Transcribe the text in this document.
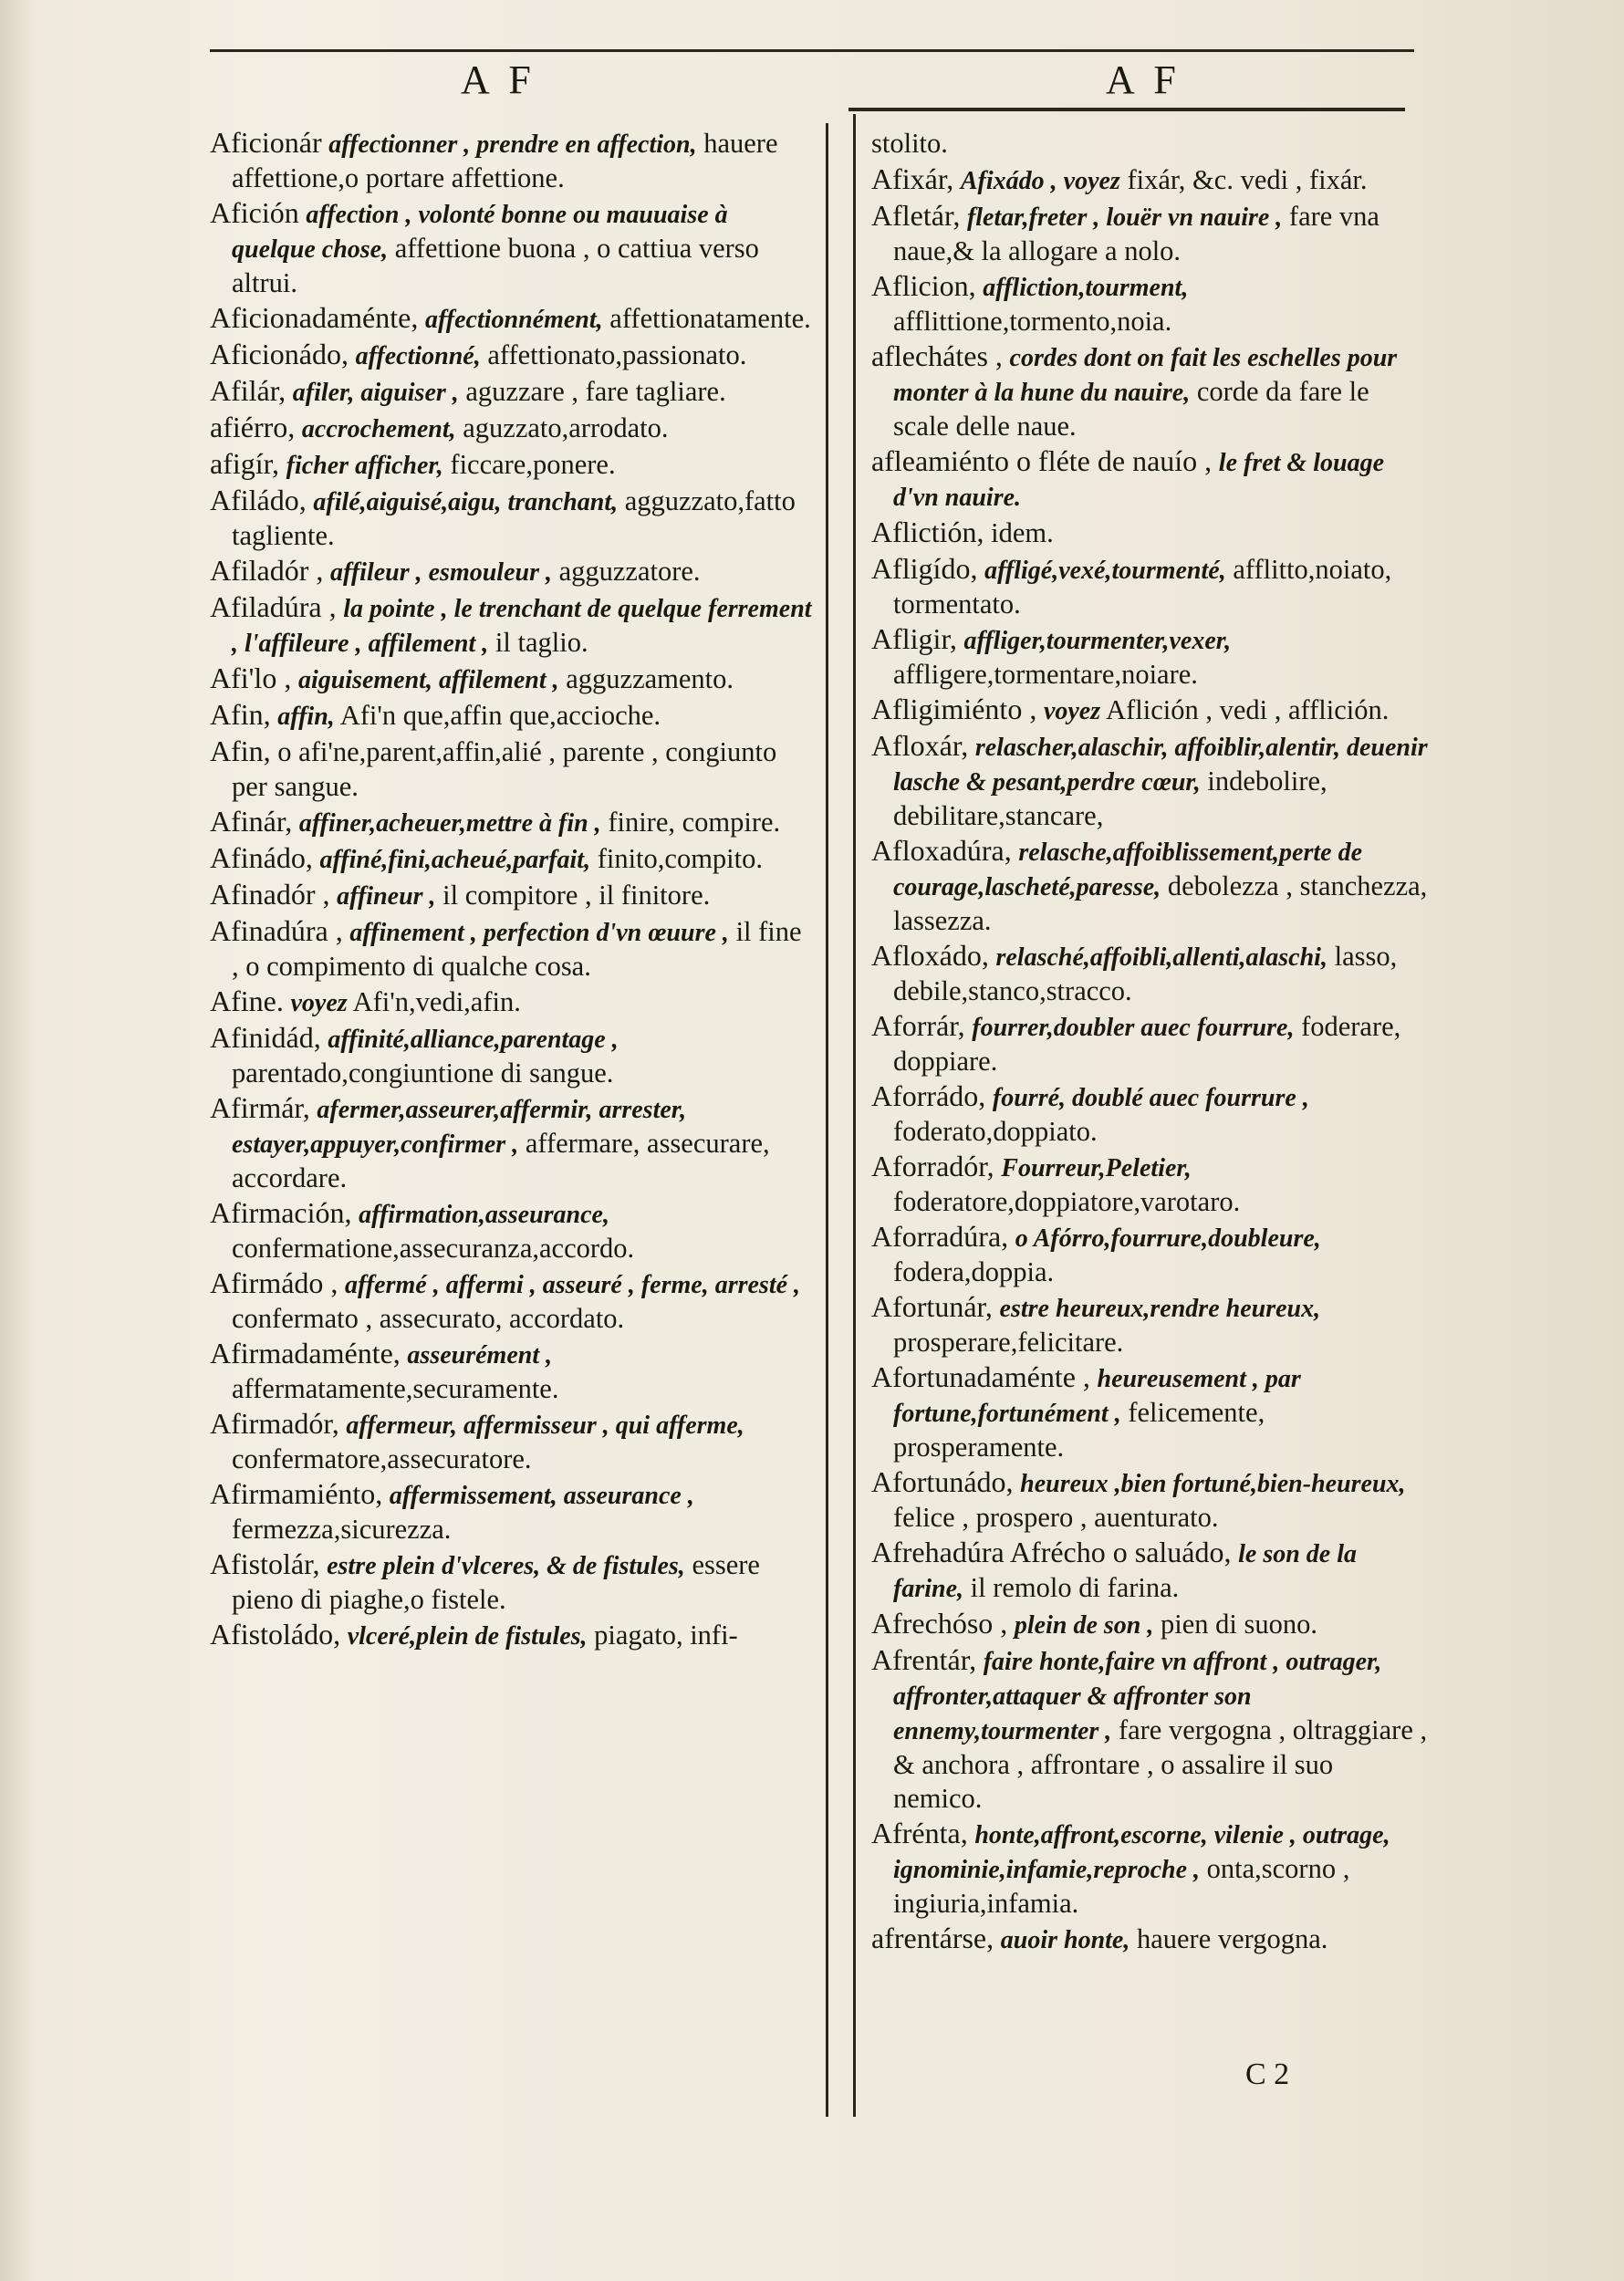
A F	A F
Aficionár affectionner , prendre en affection, hauere affettione,o portare affettione.
Afición affection , volonté bonne ou mauuaise à quelque chose, affettione buona , o cattiua verso altrui.
Aficionadaménte, affectionnément, affettionatamente.
Aficionádo, affectionné, affettionato,passionato.
Afilár, afiler, aiguiser , aguzzare , fare tagliare.
afiérro, accrochement, aguzzato,arrodato.
afigír, ficher afficher, ficcare,ponere.
Afiládo, afilé,aiguisé,aigu, tranchant, agguzzato,fatto tagliente.
Afiladór , affileur , esmouleur , agguzzatore.
Afiladúra , la pointe , le trenchant de quelque ferrement , l'affileure , affilement , il taglio.
Afi'lo , aiguisement, affilement , agguzzamento.
Afin, affin, Afi'n que,affin que,accioche.
Afin, o afi'ne,parent,affin,alié , parente , congiunto per sangue.
Afinár, affiner,acheuer,mettre à fin , finire, compire.
Afinádo, affiné,fini,acheué,parfait, finito,compito.
Afinadór , affineur , il compitore , il finitore.
Afinadúra , affinement , perfection d'vn œuure , il fine , o compimento di qualche cosa.
Afine. voyez Afi'n,vedi,afin.
Afinidád, affinité,alliance,parentage , parentado,congiuntione di sangue.
Afirmár, afermer,asseurer,affermir, arrester, estayer,appuyer,confirmer , affermare, assecurare, accordare.
Afirmación, affirmation,asseurance, confermatione,assecuranza,accordo.
Afirmádo , affermé , affermi , asseuré , ferme, arresté , confermato , assecurato, accordato.
Afirmadaménte, asseurément , affermatamente,securamente.
Afirmadór, affermeur, affermisseur , qui afferme, confermatore,assecuratore.
Afirmamiénto, affermissement, asseurance , fermezza,sicurezza.
Afistolár, estre plein d'vlceres, & de fistules, essere pieno di piaghe,o fistele.
Afistoládo, vlceré,plein de fistules, piagato, infi-
stolito.
Afixár, Afixádo , voyez fixár, &c. vedi , fixár.
Afletár, fletar,freter , louër vn nauire , fare vna naue,& la allogare a nolo.
Aflicion, affliction,tourment, afflittione,tormento,noia.
aflechátes , cordes dont on fait les eschelles pour monter à la hune du nauire, corde da fare le scale delle naue.
afleamiénto o fléte de nauío , le fret & louage d'vn nauire.
Aflictión, idem.
Afligído, affligé,vexé,tourmenté, afflitto,noiato, tormentato.
Afligir, affliger,tourmenter,vexer, affligere,tormentare,noiare.
Afligimiénto , voyez Aflición , vedi , afflición.
Afloxár, relascher,alaschir, affoiblir,alentir, deuenir lasche & pesant,perdre cœur, indebolire, debilitare,stancare,
Afloxadúra, relasche,affoiblissement,perte de courage,lascheté,paresse, debolezza , stanchezza, lassezza.
Afloxádo, relasché,affoibli,allenti,alaschi, lasso, debile,stanco,stracco.
Aforrár, fourrer,doubler auec fourrure, foderare, doppiare.
Aforrádo, fourré, doublé auec fourrure , foderato,doppiato.
Aforradór, Fourreur,Peletier, foderatore,doppiatore,varotaro.
Aforradúra, o Afórro,fourrure,doubleure, fodera,doppia.
Afortunár, estre heureux,rendre heureux, prosperare,felicitare.
Afortunadaménte , heureusement , par fortune,fortunément , felicemente, prosperamente.
Afortunádo, heureux ,bien fortuné,bien-heureux, felice , prospero , auenturato.
Afrehadúra Afrécho o saluádo, le son de la farine, il remolo di farina.
Afrechóso , plein de son , pien di suono.
Afrentár, faire honte,faire vn affront , outrager, affronter,attaquer & affronter son ennemy,tourmenter , fare vergogna , oltraggiare , & anchora , affrontare , o assalire il suo nemico.
Afrénta, honte,affront,escorne, vilenie , outrage, ignominie,infamie,reproche , onta,scorno , ingiuria,infamia.
afrentárse, auoir honte, hauere vergogna.
C 2
